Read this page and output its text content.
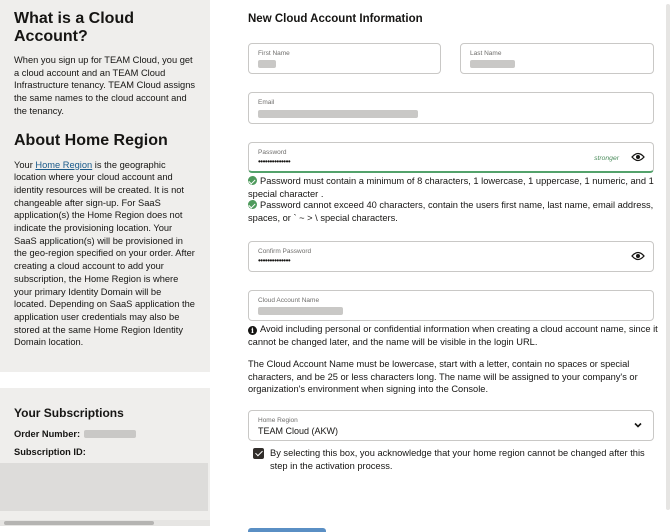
What is a Cloud Account?

When you sign up for TEAM Cloud, you get a cloud account and an TEAM Cloud Infrastructure tenancy. TEAM Cloud assigns the same names to the cloud account and the tenancy.

About Home Region

Your Home Region is the geographic location where your cloud account and identity resources will be created. It is not changeable after sign-up. For SaaS application(s) the Home Region does not indicate the provisioning location. Your SaaS application(s) will be provisioned in the geo-region specified on your order. After creating a cloud account to add your subscription, the Home Region is where your primary Identity Domain will be located. Depending on SaaS application the application user credentials may also be stored at the same Home Region Identity Domain location.

Your Subscriptions
Order Number:
Subscription ID:
New Cloud Account Information
First Name	Last Name
Email
Password
••••••••••••••	stronger
Password must contain a minimum of 8 characters, 1 lowercase, 1 uppercase, 1 numeric, and 1 special character .
Password cannot exceed 40 characters, contain the users first name, last name, email address, spaces, or ` ~ > \ special characters.
Confirm Password
••••••••••••••
Cloud Account Name
i Avoid including personal or confidential information when creating a cloud account name, since it cannot be changed later, and the name will be visible in the login URL.
The Cloud Account Name must be lowercase, start with a letter, contain no spaces or special characters, and be 25 or less characters long. The name will be assigned to your company's or organization's environment when signing into the Console.
Home Region
TEAM Cloud (AKW)
By selecting this box, you acknowledge that your home region cannot be changed after this step in the activation process.
